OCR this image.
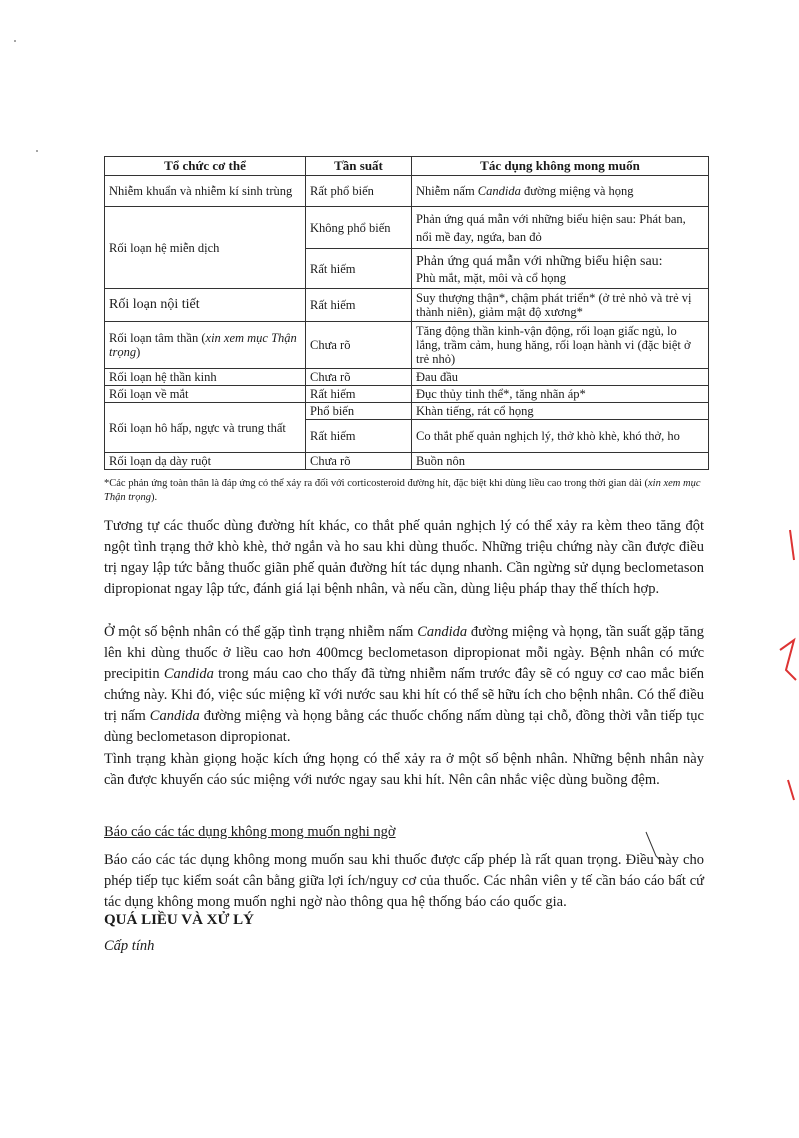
Tổ chức cơ thể	Tần suất	Tác dụng không mong muốn
Nhiễm khuẩn và nhiễm kí sinh trùng	Rất phổ biến	Nhiễm nấm Candida đường miệng và họng
Rối loạn hệ miễn dịch	Không phổ biến	Phản ứng quá mẫn với những biểu hiện sau: Phát ban, nổi mề đay, ngứa, ban đỏ
	Rất hiếm	Phản ứng quá mẫn với những biểu hiện sau:
Phù mắt, mặt, môi và cổ họng
Rối loạn nội tiết	Rất hiếm	Suy thượng thận*, chậm phát triển* (ở trẻ nhỏ và trẻ vị thành niên), giảm mật độ xương*
Rối loạn tâm thần (xin xem mục Thận trọng)	Chưa rõ	Tăng động thần kinh-vận động, rối loạn giấc ngủ, lo lắng, trầm cảm, hung hăng, rối loạn hành vi (đặc biệt ở trẻ nhỏ)
Rối loạn hệ thần kinh	Chưa rõ	Đau đầu
Rối loạn về mắt	Rất hiếm	Đục thủy tinh thể*, tăng nhãn áp*
Rối loạn hô hấp, ngực và trung thất	Phổ biến	Khàn tiếng, rát cổ họng
	Rất hiếm	Co thắt phế quản nghịch lý, thở khò khè, khó thở, ho
Rối loạn dạ dày ruột	Chưa rõ	Buồn nôn
*Các phản ứng toàn thân là đáp ứng có thể xảy ra đối với corticosteroid đường hít, đặc biệt khi dùng liều cao trong thời gian dài (xin xem mục Thận trọng).

Tương tự các thuốc dùng đường hít khác, co thắt phế quản nghịch lý có thể xảy ra kèm theo tăng đột ngột tình trạng thở khò khè, thở ngắn và ho sau khi dùng thuốc. Những triệu chứng này cần được điều trị ngay lập tức bằng thuốc giãn phế quản đường hít tác dụng nhanh. Cần ngừng sử dụng beclometason dipropionat ngay lập tức, đánh giá lại bệnh nhân, và nếu cần, dùng liệu pháp thay thế thích hợp.

Ở một số bệnh nhân có thể gặp tình trạng nhiễm nấm Candida đường miệng và họng, tần suất gặp tăng lên khi dùng thuốc ở liều cao hơn 400mcg beclometason dipropionat mỗi ngày. Bệnh nhân có mức precipitin Candida trong máu cao cho thấy đã từng nhiễm nấm trước đây sẽ có nguy cơ cao mắc biến chứng này. Khi đó, việc súc miệng kĩ với nước sau khi hít có thể sẽ hữu ích cho bệnh nhân. Có thể điều trị nấm Candida đường miệng và họng bằng các thuốc chống nấm dùng tại chỗ, đồng thời vẫn tiếp tục dùng beclometason dipropionat.

Tình trạng khàn giọng hoặc kích ứng họng có thể xảy ra ở một số bệnh nhân. Những bệnh nhân này cần được khuyến cáo súc miệng với nước ngay sau khi hít. Nên cân nhắc việc dùng buồng đệm.

Báo cáo các tác dụng không mong muốn nghi ngờ

Báo cáo các tác dụng không mong muốn sau khi thuốc được cấp phép là rất quan trọng. Điều này cho phép tiếp tục kiểm soát cân bằng giữa lợi ích/nguy cơ của thuốc. Các nhân viên y tế cần báo cáo bất cứ tác dụng không mong muốn nghi ngờ nào thông qua hệ thống báo cáo quốc gia.

QUÁ LIỀU VÀ XỬ LÝ
Cấp tính
